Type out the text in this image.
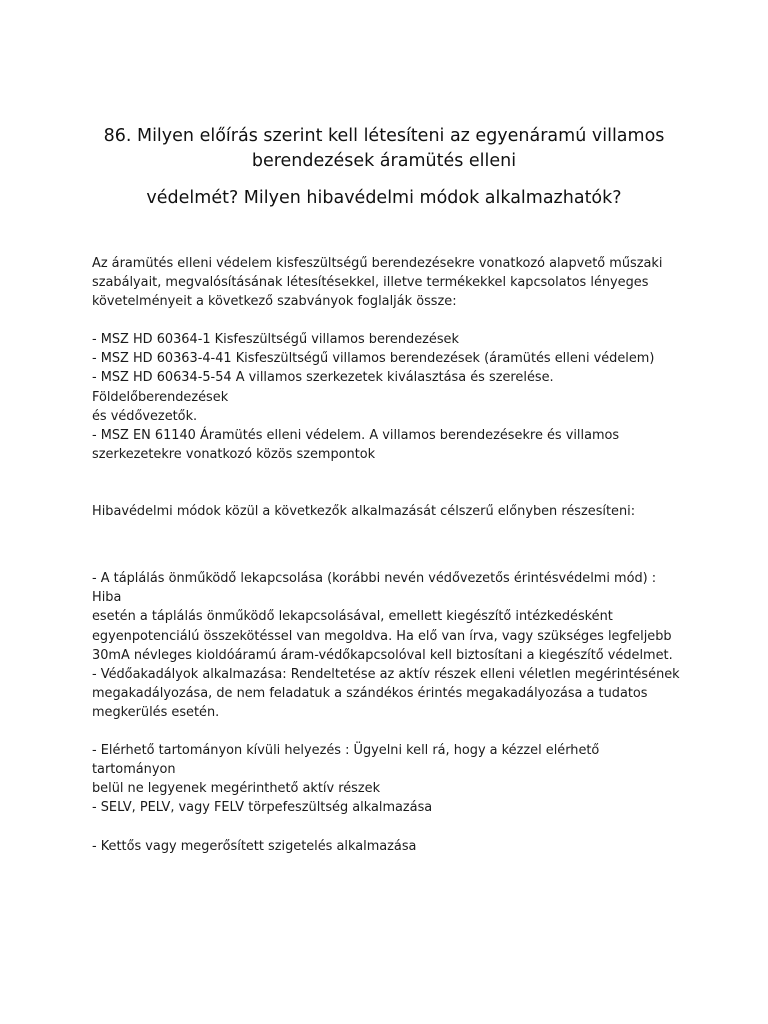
86. Milyen előírás szerint kell létesíteni az egyenáramú villamos
berendezések áramütés elleni
védelmét? Milyen hibavédelmi módok alkalmazhatók?
Az áramütés elleni védelem kisfeszültségű berendezésekre vonatkozó alapvető műszaki
szabályait, megvalósításának létesítésekkel, illetve termékekkel kapcsolatos lényeges
követelményeit a következő szabványok foglalják össze:
- MSZ HD 60364-1 Kisfeszültségű villamos berendezések
- MSZ HD 60363-4-41 Kisfeszültségű villamos berendezések (áramütés elleni védelem)
- MSZ HD 60634-5-54 A villamos szerkezetek kiválasztása és szerelése. Földelőberendezések
és védővezetők.
- MSZ EN 61140 Áramütés elleni védelem. A villamos berendezésekre és villamos
szerkezetekre vonatkozó közös szempontok

Hibavédelmi módok közül a következők alkalmazását célszerű előnyben részesíteni:

- A táplálás önműködő lekapcsolása (korábbi nevén védővezetős érintésvédelmi mód) : Hiba
esetén a táplálás önműködő lekapcsolásával, emellett kiegészítő intézkedésként
egyenpotenciálú összekötéssel van megoldva. Ha elő van írva, vagy szükséges legfeljebb
30mA névleges kioldóáramú áram-védőkapcsolóval kell biztosítani a kiegészítő védelmet.
- Védőakadályok alkalmazása: Rendeltetése az aktív részek elleni véletlen megérintésének
megakadályozása, de nem feladatuk a szándékos érintés megakadályozása a tudatos
megkerülés esetén.
- Elérhető tartományon kívüli helyezés : Ügyelni kell rá, hogy a kézzel elérhető tartományon
belül ne legyenek megérinthető aktív részek
- SELV, PELV, vagy FELV törpefeszültség alkalmazása
- Kettős vagy megerősített szigetelés alkalmazása
